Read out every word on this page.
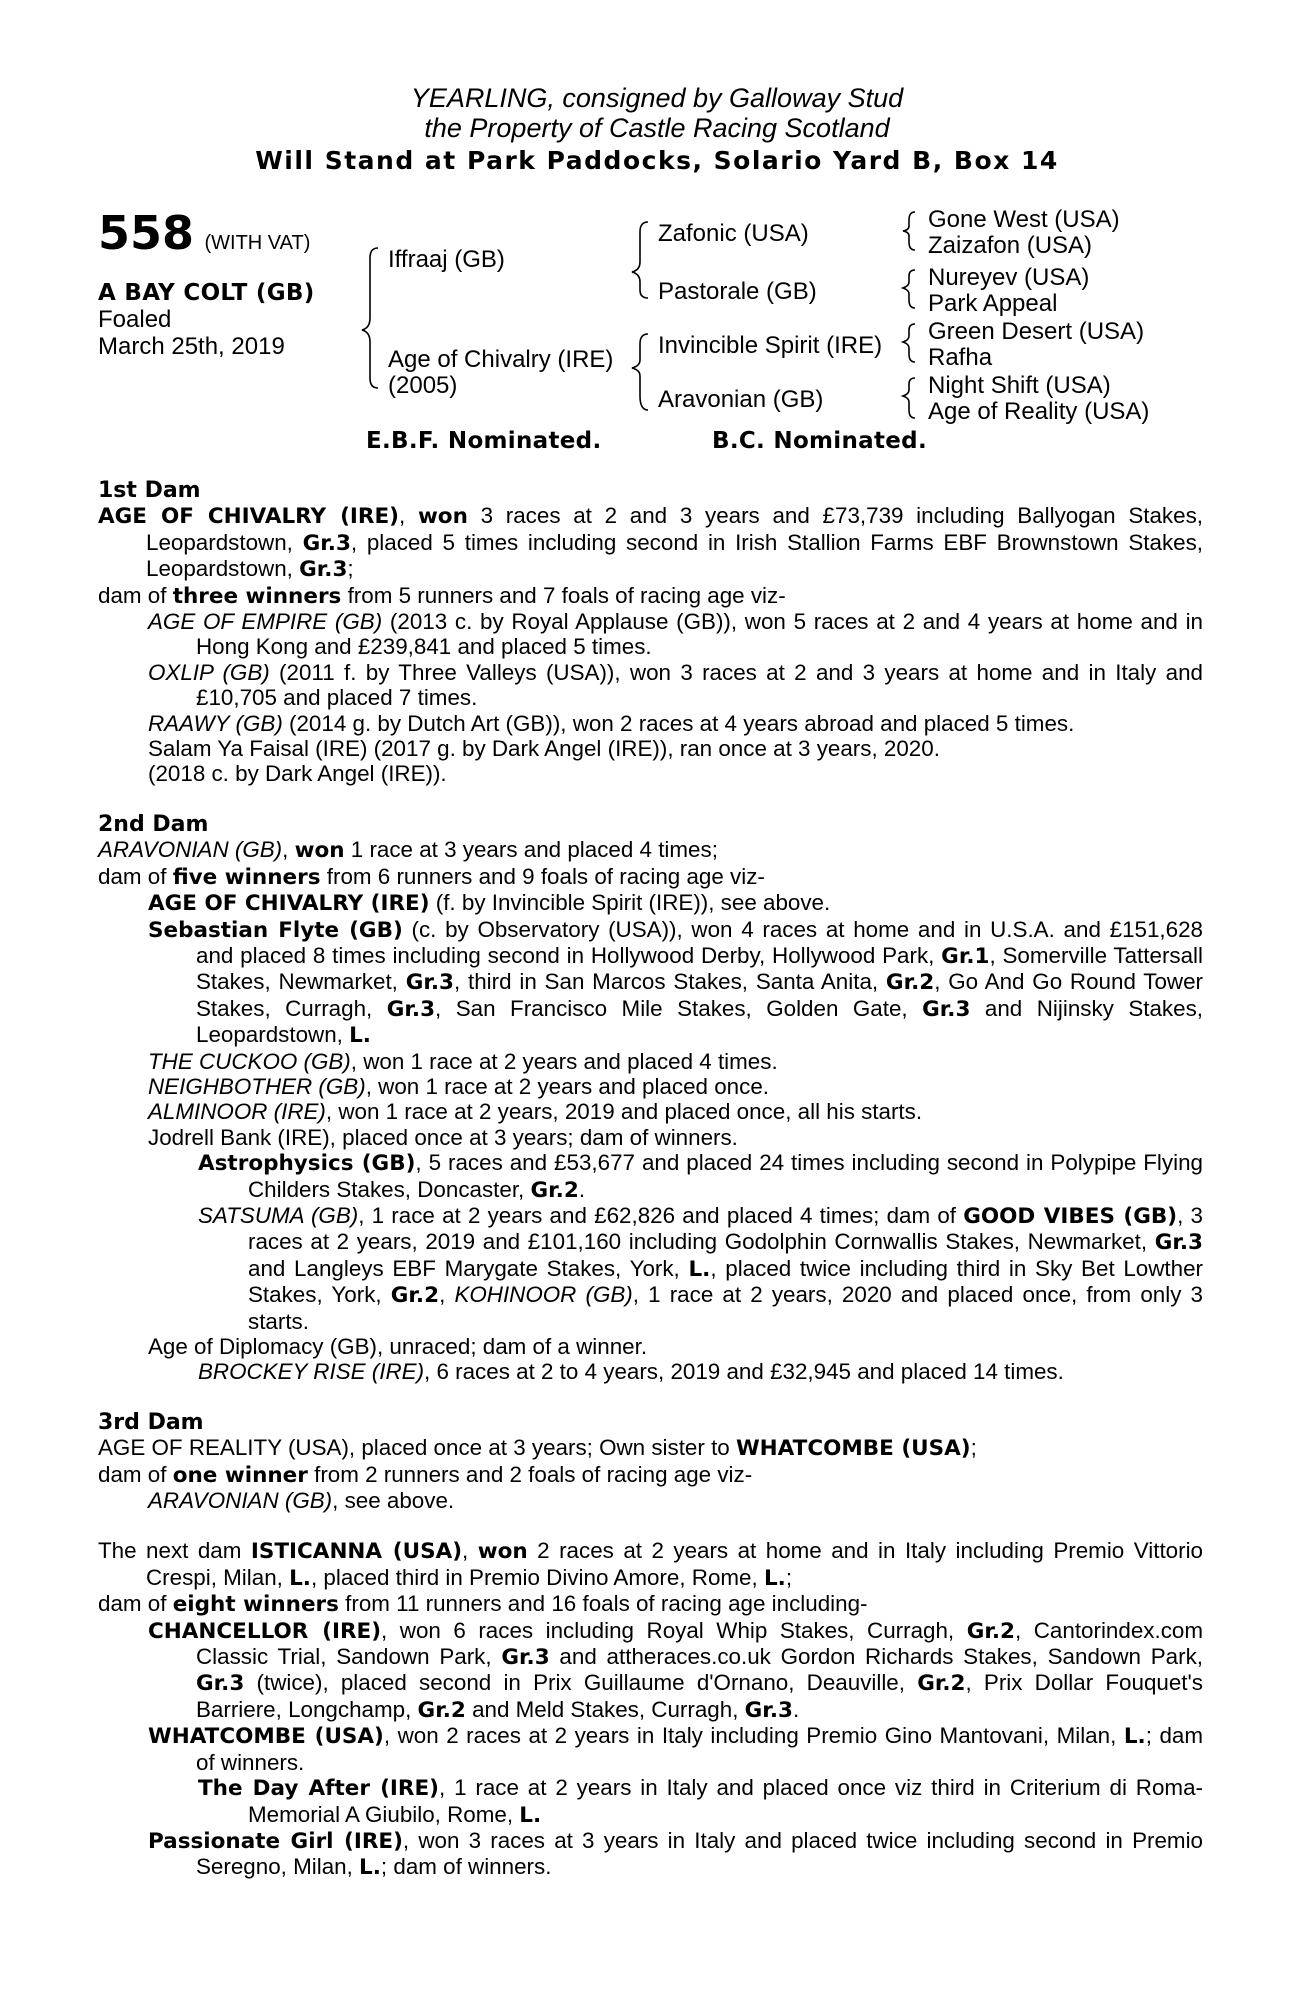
YEARLING, consigned by Galloway Stud
the Property of Castle Racing Scotland
Will Stand at Park Paddocks, Solario Yard B, Box 14
558 (WITH VAT)
A BAY COLT (GB)
Foaled
March 25th, 2019
Iffraaj (GB)
Age of Chivalry (IRE)
(2005)
Zafonic (USA)
Pastorale (GB)
Invincible Spirit (IRE)
Aravonian (GB)
Gone West (USA)
Zaizafon (USA)
Nureyev (USA)
Park Appeal
Green Desert (USA)
Rafha
Night Shift (USA)
Age of Reality (USA)
E.B.F. Nominated.	B.C. Nominated.
1st Dam
AGE OF CHIVALRY (IRE), won 3 races at 2 and 3 years and £73,739 including Ballyogan Stakes, Leopardstown, Gr.3, placed 5 times including second in Irish Stallion Farms EBF Brownstown Stakes, Leopardstown, Gr.3;
dam of three winners from 5 runners and 7 foals of racing age viz-
AGE OF EMPIRE (GB) (2013 c. by Royal Applause (GB)), won 5 races at 2 and 4 years at home and in Hong Kong and £239,841 and placed 5 times.
OXLIP (GB) (2011 f. by Three Valleys (USA)), won 3 races at 2 and 3 years at home and in Italy and £10,705 and placed 7 times.
RAAWY (GB) (2014 g. by Dutch Art (GB)), won 2 races at 4 years abroad and placed 5 times.
Salam Ya Faisal (IRE) (2017 g. by Dark Angel (IRE)), ran once at 3 years, 2020.
(2018 c. by Dark Angel (IRE)).
2nd Dam
ARAVONIAN (GB), won 1 race at 3 years and placed 4 times;
dam of five winners from 6 runners and 9 foals of racing age viz-
AGE OF CHIVALRY (IRE) (f. by Invincible Spirit (IRE)), see above.
Sebastian Flyte (GB) (c. by Observatory (USA)), won 4 races at home and in U.S.A. and £151,628 and placed 8 times including second in Hollywood Derby, Hollywood Park, Gr.1, Somerville Tattersall Stakes, Newmarket, Gr.3, third in San Marcos Stakes, Santa Anita, Gr.2, Go And Go Round Tower Stakes, Curragh, Gr.3, San Francisco Mile Stakes, Golden Gate, Gr.3 and Nijinsky Stakes, Leopardstown, L.
THE CUCKOO (GB), won 1 race at 2 years and placed 4 times.
NEIGHBOTHER (GB), won 1 race at 2 years and placed once.
ALMINOOR (IRE), won 1 race at 2 years, 2019 and placed once, all his starts.
Jodrell Bank (IRE), placed once at 3 years; dam of winners.
Astrophysics (GB), 5 races and £53,677 and placed 24 times including second in Polypipe Flying Childers Stakes, Doncaster, Gr.2.
SATSUMA (GB), 1 race at 2 years and £62,826 and placed 4 times; dam of GOOD VIBES (GB), 3 races at 2 years, 2019 and £101,160 including Godolphin Cornwallis Stakes, Newmarket, Gr.3 and Langleys EBF Marygate Stakes, York, L., placed twice including third in Sky Bet Lowther Stakes, York, Gr.2, KOHINOOR (GB), 1 race at 2 years, 2020 and placed once, from only 3 starts.
Age of Diplomacy (GB), unraced; dam of a winner.
BROCKEY RISE (IRE), 6 races at 2 to 4 years, 2019 and £32,945 and placed 14 times.
3rd Dam
AGE OF REALITY (USA), placed once at 3 years; Own sister to WHATCOMBE (USA);
dam of one winner from 2 runners and 2 foals of racing age viz-
ARAVONIAN (GB), see above.
The next dam ISTICANNA (USA), won 2 races at 2 years at home and in Italy including Premio Vittorio Crespi, Milan, L., placed third in Premio Divino Amore, Rome, L.;
dam of eight winners from 11 runners and 16 foals of racing age including-
CHANCELLOR (IRE), won 6 races including Royal Whip Stakes, Curragh, Gr.2, Cantorindex.com Classic Trial, Sandown Park, Gr.3 and attheraces.co.uk Gordon Richards Stakes, Sandown Park, Gr.3 (twice), placed second in Prix Guillaume d'Ornano, Deauville, Gr.2, Prix Dollar Fouquet's Barriere, Longchamp, Gr.2 and Meld Stakes, Curragh, Gr.3.
WHATCOMBE (USA), won 2 races at 2 years in Italy including Premio Gino Mantovani, Milan, L.; dam of winners.
The Day After (IRE), 1 race at 2 years in Italy and placed once viz third in Criterium di Roma-Memorial A Giubilo, Rome, L.
Passionate Girl (IRE), won 3 races at 3 years in Italy and placed twice including second in Premio Seregno, Milan, L.; dam of winners.
